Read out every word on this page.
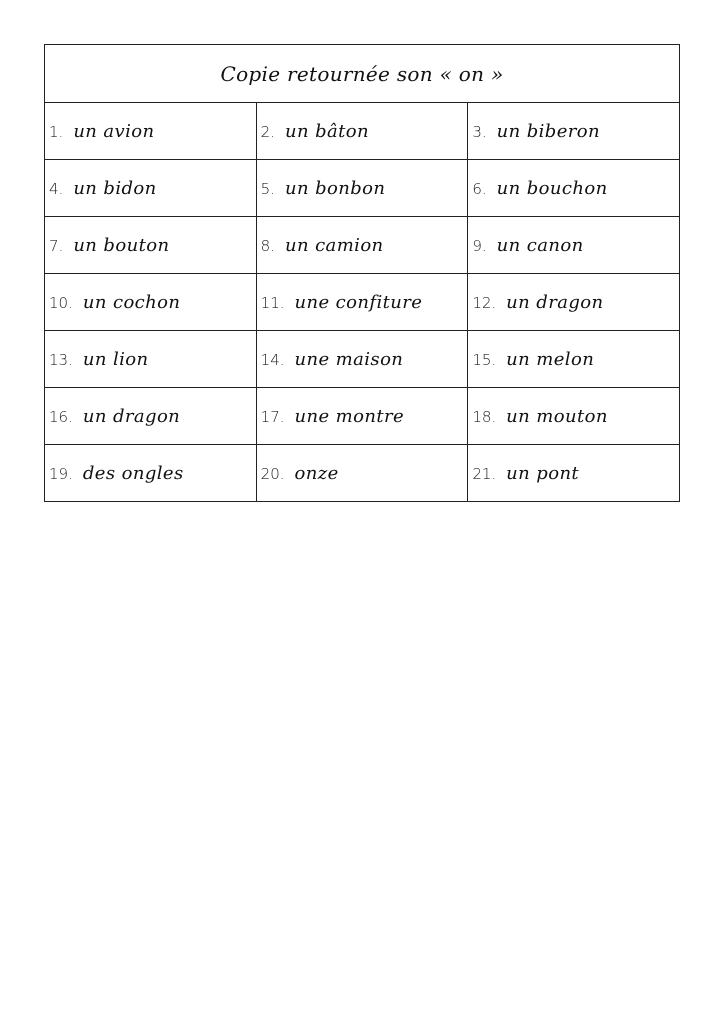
Copie retournée son « on »		
1. un avion	2. un bâton	3. un biberon
4. un bidon	5. un bonbon	6. un bouchon
7. un bouton	8. un camion	9. un canon
10. un cochon	11. une confiture	12. un dragon
13. un lion	14. une maison	15. un melon
16. un dragon	17. une montre	18. un mouton
19. des ongles	20. onze	21. un pont
